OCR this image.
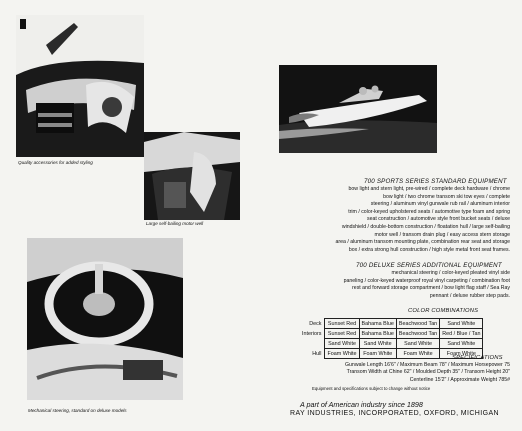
Quality accessories for added styling
Large self-bailing motor well
Mechanical steering, standard on deluxe models
700 SPORTS SERIES STANDARD EQUIPMENT
bow light and stern light, pre-wired / complete deck hardware / chrome
bow light / two chrome transom ski tow eyes / complete
steering / aluminum vinyl gunwale rub rail / aluminum interior
trim / color-keyed upholstered seats / automotive type foam and spring
seat construction / automotive style front bucket seats / deluxe
windshield / double-bottom construction / floatation hull / large self-bailing
motor well / transom drain plug / easy access stern storage
area / aluminum transom mounting plate, combination rear seat and storage
box / extra strong hull construction / high style metal front seat frames.
700 DELUXE SERIES ADDITIONAL EQUIPMENT
mechanical steering / color-keyed pleated vinyl side
paneling / color-keyed waterproof royal vinyl carpeting / combination foot
rest and forward storage compartment / bow light flag staff / Sea Ray
pennant / deluxe rubber step pads.
COLOR COMBINATIONS
Deck	Sunset Red	Bahama Blue	Beachwood Tan	Sand White
Interiors	Sunset Red	Bahama Blue	Beachwood Tan	Red / Blue / Tan
	Sand White	Sand White	Sand White	Sand White
Hull	Foam White	Foam White	Foam White	Foam White
SPECIFICATIONS
Gunwale Length 16'6" / Maximum Beam 78" / Maximum Horsepower 75
Transom Width at Chine 62" / Moulded Depth 35" / Transom Height 20"
Centerline 15'2" / Approximate Weight 785#
Equipment and specifications subject to change without notice
A part of American industry since 1898
RAY INDUSTRIES, INCORPORATED, OXFORD, MICHIGAN
